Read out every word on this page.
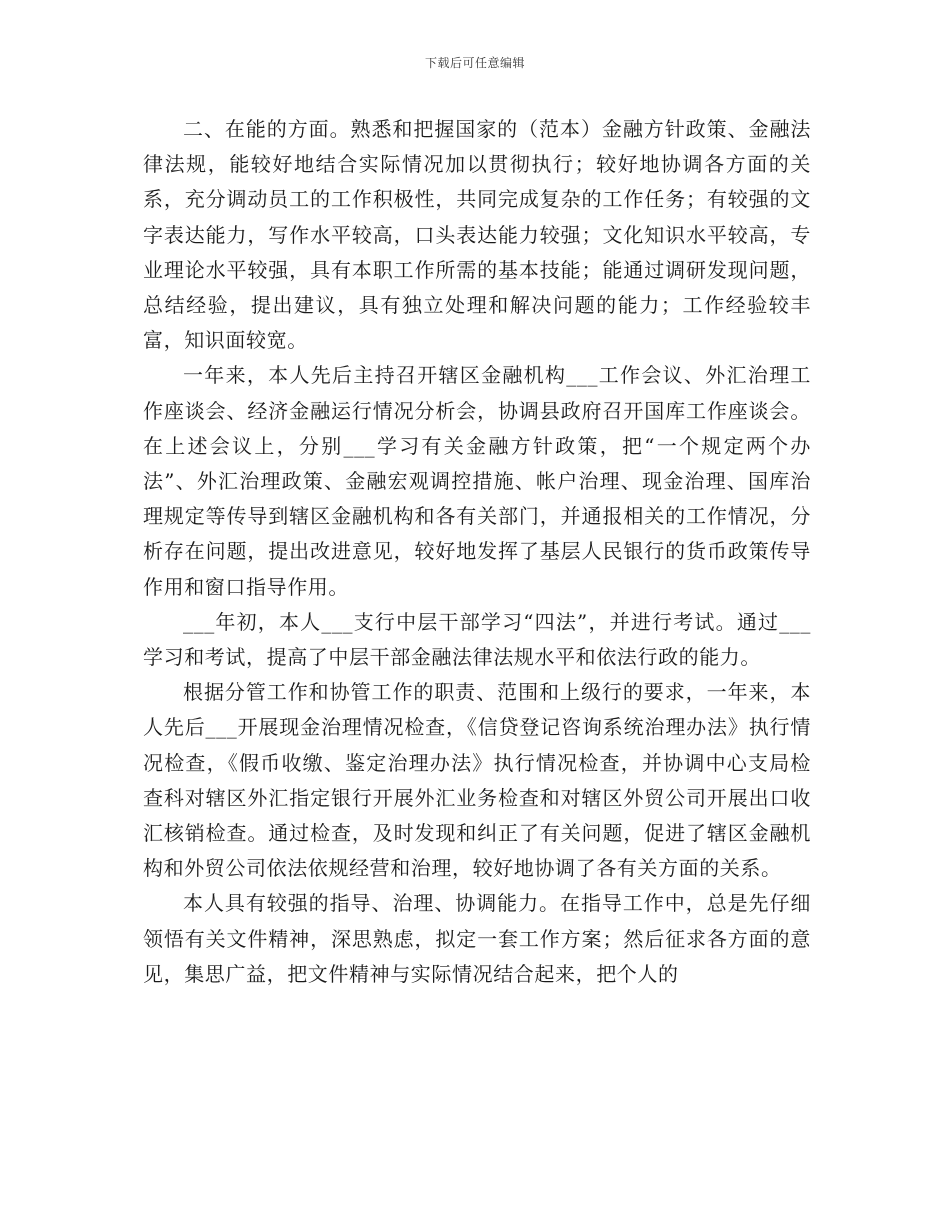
下载后可任意编辑

二、在能的方面。熟悉和把握国家的（范本）金融方针政策、金融法律法规，能较好地结合实际情况加以贯彻执行；较好地协调各方面的关系，充分调动员工的工作积极性，共同完成复杂的工作任务；有较强的文字表达能力，写作水平较高，口头表达能力较强；文化知识水平较高，专业理论水平较强，具有本职工作所需的基本技能；能通过调研发现问题，总结经验，提出建议，具有独立处理和解决问题的能力；工作经验较丰富，知识面较宽。

一年来，本人先后主持召开辖区金融机构___工作会议、外汇治理工作座谈会、经济金融运行情况分析会，协调县政府召开国库工作座谈会。在上述会议上，分别___学习有关金融方针政策，把“一个规定两个办法”、外汇治理政策、金融宏观调控措施、帐户治理、现金治理、国库治理规定等传导到辖区金融机构和各有关部门，并通报相关的工作情况，分析存在问题，提出改进意见，较好地发挥了基层人民银行的货币政策传导作用和窗口指导作用。

___年初，本人___支行中层干部学习“四法”，并进行考试。通过___学习和考试，提高了中层干部金融法律法规水平和依法行政的能力。

根据分管工作和协管工作的职责、范围和上级行的要求，一年来，本人先后___开展现金治理情况检查，《信贷登记咨询系统治理办法》执行情况检查，《假币收缴、鉴定治理办法》执行情况检查，并协调中心支局检查科对辖区外汇指定银行开展外汇业务检查和对辖区外贸公司开展出口收汇核销检查。通过检查，及时发现和纠正了有关问题，促进了辖区金融机构和外贸公司依法依规经营和治理，较好地协调了各有关方面的关系。

本人具有较强的指导、治理、协调能力。在指导工作中，总是先仔细领悟有关文件精神，深思熟虑，拟定一套工作方案；然后征求各方面的意见，集思广益，把文件精神与实际情况结合起来，把个人的
